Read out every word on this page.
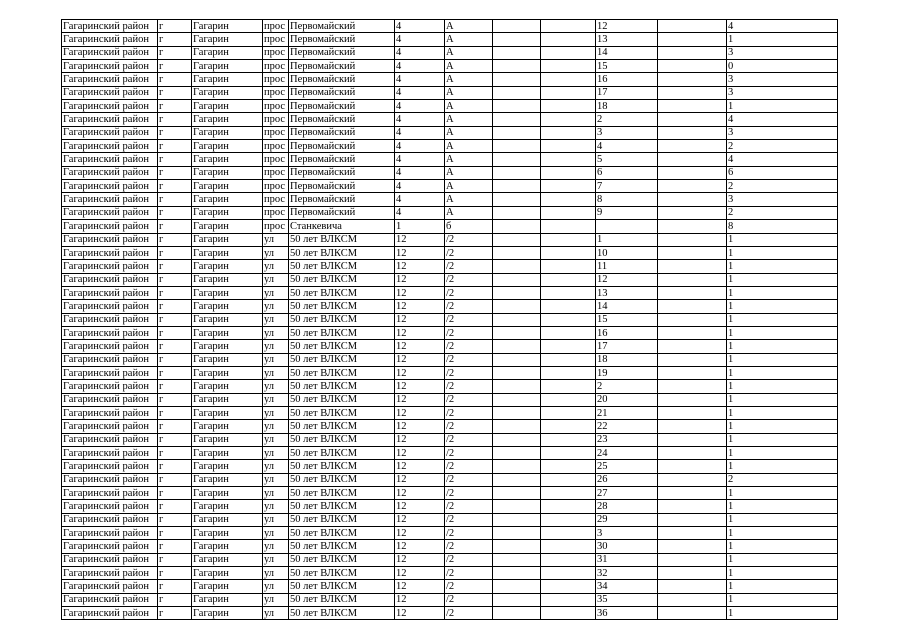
Гагаринский район	г	Гагарин	прос	Первомайский	4	А			12		4
Гагаринский район	г	Гагарин	прос	Первомайский	4	А			13		1
Гагаринский район	г	Гагарин	прос	Первомайский	4	А			14		3
Гагаринский район	г	Гагарин	прос	Первомайский	4	А			15		0
Гагаринский район	г	Гагарин	прос	Первомайский	4	А			16		3
Гагаринский район	г	Гагарин	прос	Первомайский	4	А			17		3
Гагаринский район	г	Гагарин	прос	Первомайский	4	А			18		1
Гагаринский район	г	Гагарин	прос	Первомайский	4	А			2		4
Гагаринский район	г	Гагарин	прос	Первомайский	4	А			3		3
Гагаринский район	г	Гагарин	прос	Первомайский	4	А			4		2
Гагаринский район	г	Гагарин	прос	Первомайский	4	А			5		4
Гагаринский район	г	Гагарин	прос	Первомайский	4	А			6		6
Гагаринский район	г	Гагарин	прос	Первомайский	4	А			7		2
Гагаринский район	г	Гагарин	прос	Первомайский	4	А			8		3
Гагаринский район	г	Гагарин	прос	Первомайский	4	А			9		2
Гагаринский район	г	Гагарин	прос	Станкевича	1	б					8
Гагаринский район	г	Гагарин	ул	50 лет ВЛКСМ	12	/2			1		1
Гагаринский район	г	Гагарин	ул	50 лет ВЛКСМ	12	/2			10		1
Гагаринский район	г	Гагарин	ул	50 лет ВЛКСМ	12	/2			11		1
Гагаринский район	г	Гагарин	ул	50 лет ВЛКСМ	12	/2			12		1
Гагаринский район	г	Гагарин	ул	50 лет ВЛКСМ	12	/2			13		1
Гагаринский район	г	Гагарин	ул	50 лет ВЛКСМ	12	/2			14		1
Гагаринский район	г	Гагарин	ул	50 лет ВЛКСМ	12	/2			15		1
Гагаринский район	г	Гагарин	ул	50 лет ВЛКСМ	12	/2			16		1
Гагаринский район	г	Гагарин	ул	50 лет ВЛКСМ	12	/2			17		1
Гагаринский район	г	Гагарин	ул	50 лет ВЛКСМ	12	/2			18		1
Гагаринский район	г	Гагарин	ул	50 лет ВЛКСМ	12	/2			19		1
Гагаринский район	г	Гагарин	ул	50 лет ВЛКСМ	12	/2			2		1
Гагаринский район	г	Гагарин	ул	50 лет ВЛКСМ	12	/2			20		1
Гагаринский район	г	Гагарин	ул	50 лет ВЛКСМ	12	/2			21		1
Гагаринский район	г	Гагарин	ул	50 лет ВЛКСМ	12	/2			22		1
Гагаринский район	г	Гагарин	ул	50 лет ВЛКСМ	12	/2			23		1
Гагаринский район	г	Гагарин	ул	50 лет ВЛКСМ	12	/2			24		1
Гагаринский район	г	Гагарин	ул	50 лет ВЛКСМ	12	/2			25		1
Гагаринский район	г	Гагарин	ул	50 лет ВЛКСМ	12	/2			26		2
Гагаринский район	г	Гагарин	ул	50 лет ВЛКСМ	12	/2			27		1
Гагаринский район	г	Гагарин	ул	50 лет ВЛКСМ	12	/2			28		1
Гагаринский район	г	Гагарин	ул	50 лет ВЛКСМ	12	/2			29		1
Гагаринский район	г	Гагарин	ул	50 лет ВЛКСМ	12	/2			3		1
Гагаринский район	г	Гагарин	ул	50 лет ВЛКСМ	12	/2			30		1
Гагаринский район	г	Гагарин	ул	50 лет ВЛКСМ	12	/2			31		1
Гагаринский район	г	Гагарин	ул	50 лет ВЛКСМ	12	/2			32		1
Гагаринский район	г	Гагарин	ул	50 лет ВЛКСМ	12	/2			34		1
Гагаринский район	г	Гагарин	ул	50 лет ВЛКСМ	12	/2			35		1
Гагаринский район	г	Гагарин	ул	50 лет ВЛКСМ	12	/2			36		1
